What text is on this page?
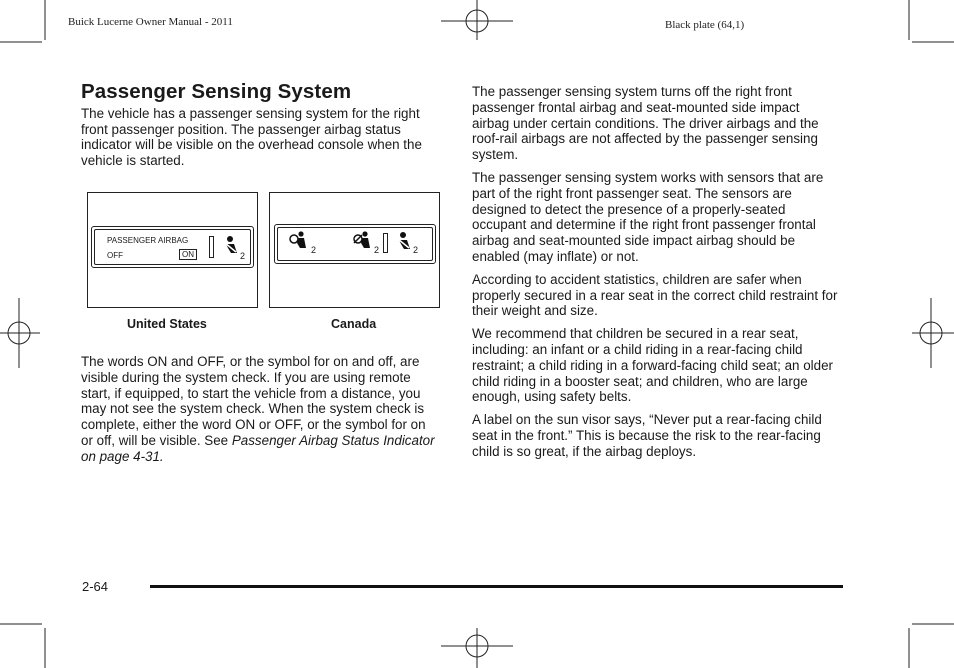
Buick Lucerne Owner Manual - 2011	Black plate (64,1)
Passenger Sensing System

The vehicle has a passenger sensing system for the right front passenger position. The passenger airbag status indicator will be visible on the overhead console when the vehicle is started.

PASSENGER AIRBAG
OFF	ON	2
2	2	2
United States	Canada

The words ON and OFF, or the symbol for on and off, are visible during the system check. If you are using remote start, if equipped, to start the vehicle from a distance, you may not see the system check. When the system check is complete, either the word ON or OFF, or the symbol for on or off, will be visible. See Passenger Airbag Status Indicator on page 4-31.

The passenger sensing system turns off the right front passenger frontal airbag and seat-mounted side impact airbag under certain conditions. The driver airbags and the roof-rail airbags are not affected by the passenger sensing system.

The passenger sensing system works with sensors that are part of the right front passenger seat. The sensors are designed to detect the presence of a properly-seated occupant and determine if the right front passenger frontal airbag and seat-mounted side impact airbag should be enabled (may inflate) or not.

According to accident statistics, children are safer when properly secured in a rear seat in the correct child restraint for their weight and size.

We recommend that children be secured in a rear seat, including: an infant or a child riding in a rear-facing child restraint; a child riding in a forward-facing child seat; an older child riding in a booster seat; and children, who are large enough, using safety belts.

A label on the sun visor says, “Never put a rear-facing child seat in the front.” This is because the risk to the rear-facing child is so great, if the airbag deploys.

2-64
